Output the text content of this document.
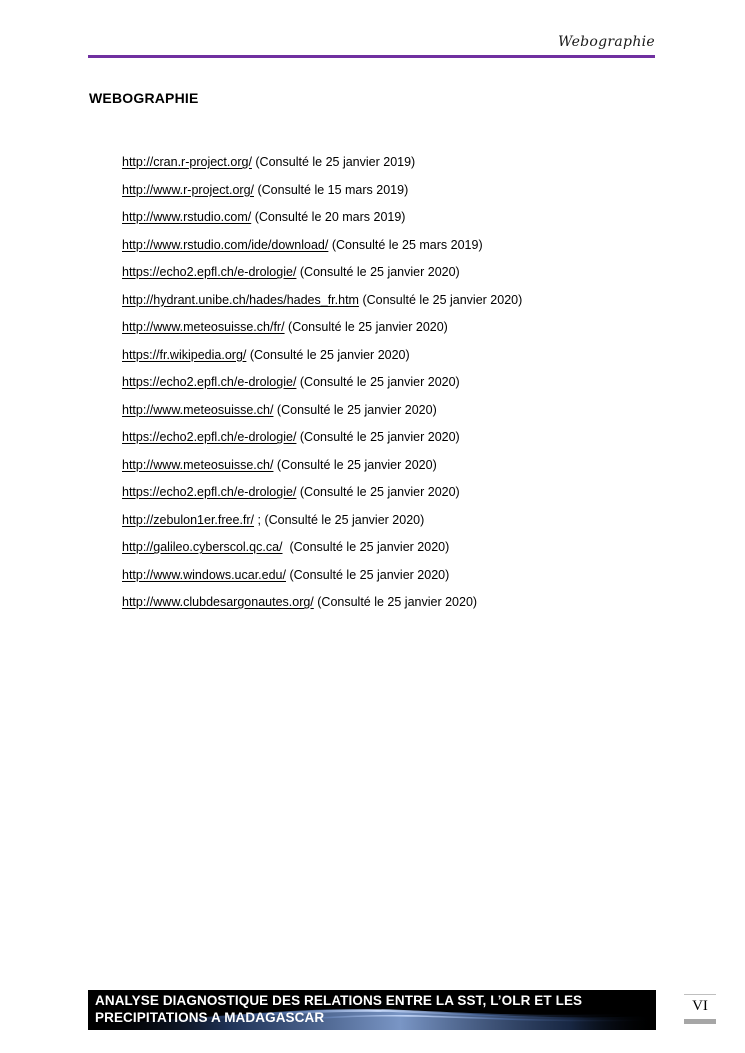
Webographie
WEBOGRAPHIE
http://cran.r-project.org/ (Consulté le 25 janvier 2019)
http://www.r-project.org/ (Consulté le 15 mars 2019)
http://www.rstudio.com/ (Consulté le 20 mars 2019)
http://www.rstudio.com/ide/download/ (Consulté le 25 mars 2019)
https://echo2.epfl.ch/e-drologie/ (Consulté le 25 janvier 2020)
http://hydrant.unibe.ch/hades/hades_fr.htm (Consulté le 25 janvier 2020)
http://www.meteosuisse.ch/fr/ (Consulté le 25 janvier 2020)
https://fr.wikipedia.org/ (Consulté le 25 janvier 2020)
https://echo2.epfl.ch/e-drologie/ (Consulté le 25 janvier 2020)
http://www.meteosuisse.ch/ (Consulté le 25 janvier 2020)
https://echo2.epfl.ch/e-drologie/ (Consulté le 25 janvier 2020)
http://www.meteosuisse.ch/ (Consulté le 25 janvier 2020)
https://echo2.epfl.ch/e-drologie/ (Consulté le 25 janvier 2020)
http://zebulon1er.free.fr/ ; (Consulté le 25 janvier 2020)
http://galileo.cyberscol.qc.ca/  (Consulté le 25 janvier 2020)
http://www.windows.ucar.edu/ (Consulté le 25 janvier 2020)
http://www.clubdesargonautes.org/ (Consulté le 25 janvier 2020)
ANALYSE DIAGNOSTIQUE DES RELATIONS ENTRE LA SST, L’OLR ET LES
PRECIPITATIONS A MADAGASCAR
VI
